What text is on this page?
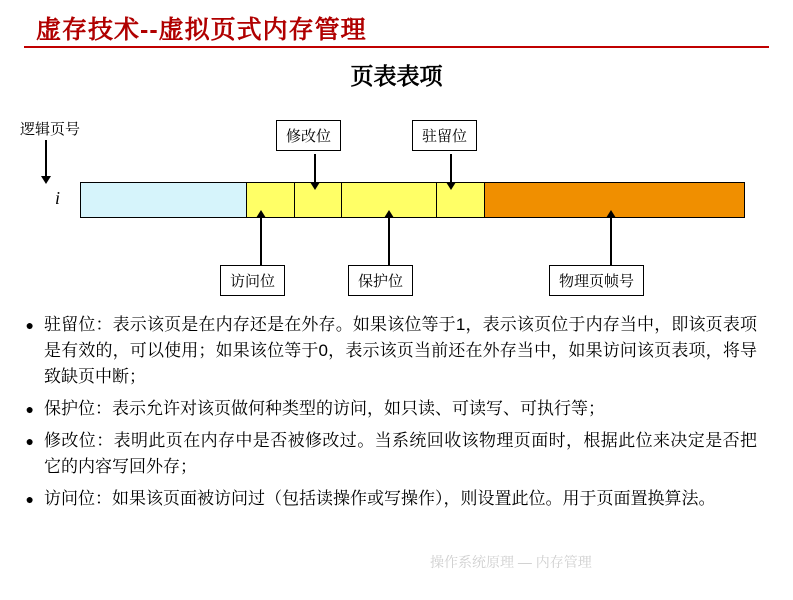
虚存技术--虚拟页式内存管理
页表表项
逻辑页号
i
修改位	驻留位
访问位	保护位	物理页帧号
● 驻留位：表示该页是在内存还是在外存。如果该位等于1，表示该页位于内存当中，即该页表项是有效的，可以使用；如果该位等于0，表示该页当前还在外存当中，如果访问该页表项，将导致缺页中断；
● 保护位：表示允许对该页做何种类型的访问，如只读、可读写、可执行等；
● 修改位：表明此页在内存中是否被修改过。当系统回收该物理页面时，根据此位来决定是否把它的内容写回外存；
● 访问位：如果该页面被访问过（包括读操作或写操作），则设置此位。用于页面置换算法。
操作系统原理 — 内存管理
